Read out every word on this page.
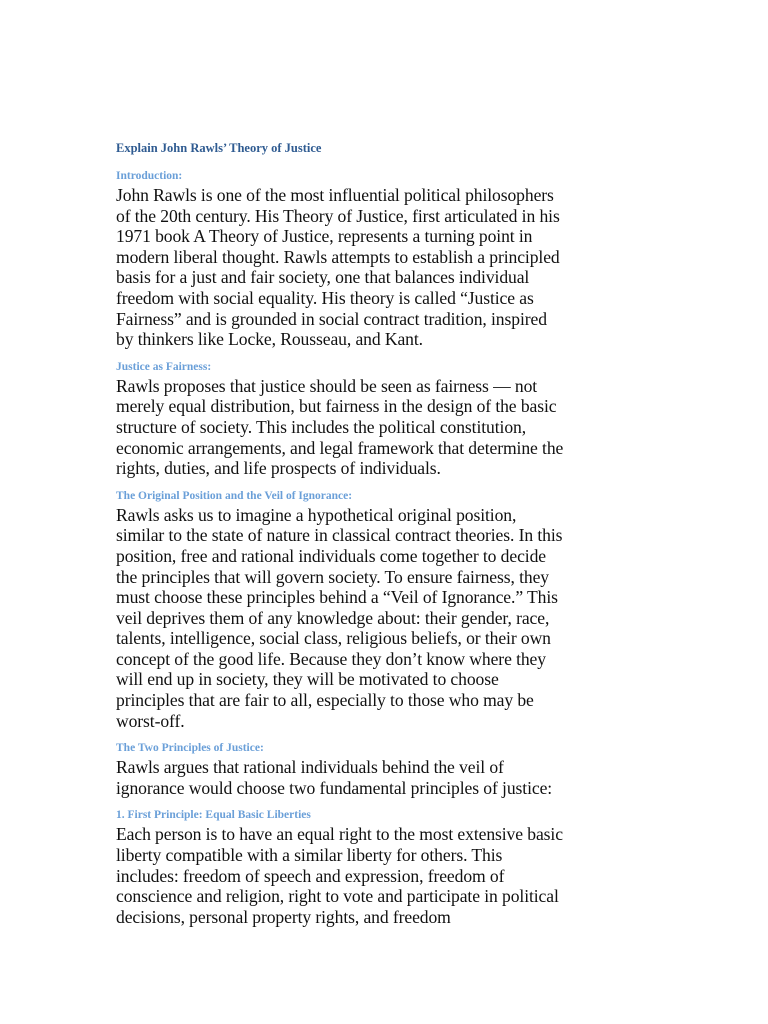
Explain John Rawls’ Theory of Justice
Introduction:

John Rawls is one of the most influential political philosophers of the 20th century. His Theory of Justice, first articulated in his 1971 book A Theory of Justice, represents a turning point in modern liberal thought. Rawls attempts to establish a principled basis for a just and fair society, one that balances individual freedom with social equality. His theory is called “Justice as Fairness” and is grounded in social contract tradition, inspired by thinkers like Locke, Rousseau, and Kant.

Justice as Fairness:

Rawls proposes that justice should be seen as fairness — not merely equal distribution, but fairness in the design of the basic structure of society. This includes the political constitution, economic arrangements, and legal framework that determine the rights, duties, and life prospects of individuals.

The Original Position and the Veil of Ignorance:

Rawls asks us to imagine a hypothetical original position, similar to the state of nature in classical contract theories. In this position, free and rational individuals come together to decide the principles that will govern society. To ensure fairness, they must choose these principles behind a “Veil of Ignorance.” This veil deprives them of any knowledge about: their gender, race, talents, intelligence, social class, religious beliefs, or their own concept of the good life. Because they don’t know where they will end up in society, they will be motivated to choose principles that are fair to all, especially to those who may be worst-off.

The Two Principles of Justice:

Rawls argues that rational individuals behind the veil of ignorance would choose two fundamental principles of justice:

1. First Principle: Equal Basic Liberties

Each person is to have an equal right to the most extensive basic liberty compatible with a similar liberty for others. This includes: freedom of speech and expression, freedom of conscience and religion, right to vote and participate in political decisions, personal property rights, and freedom
